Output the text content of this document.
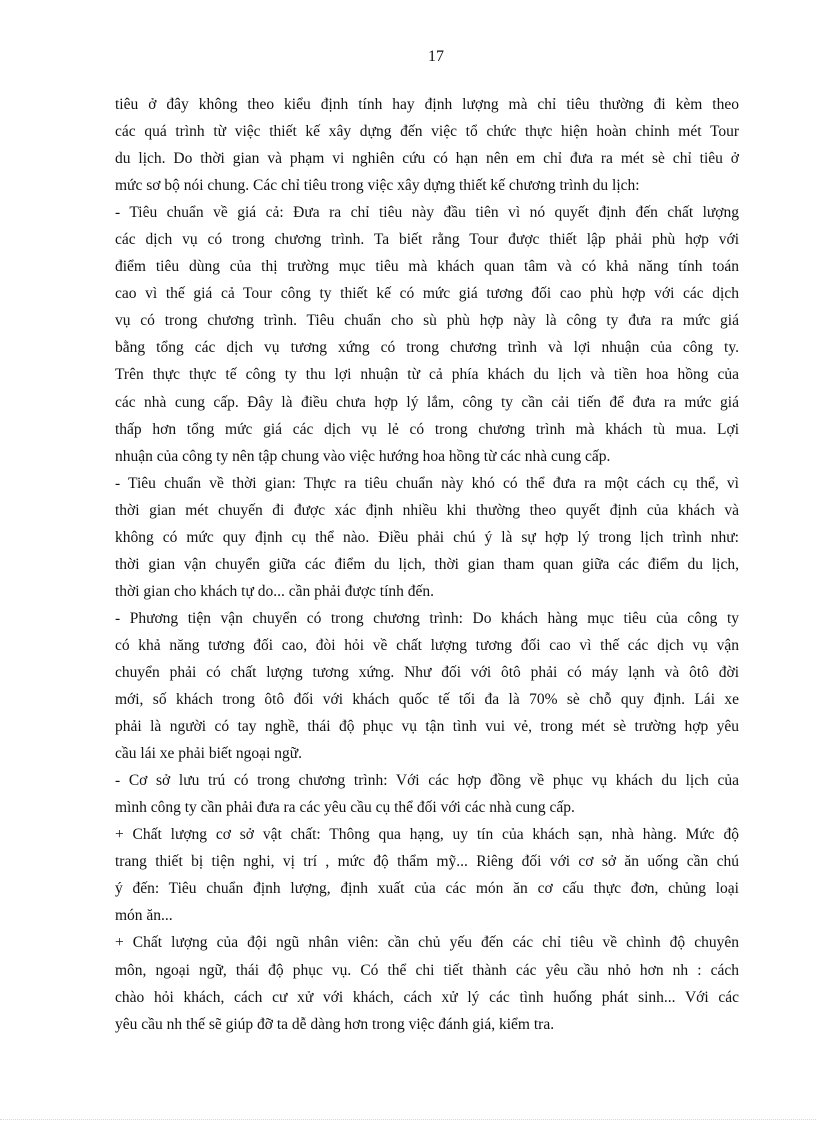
17
tiêu ở đây không theo kiểu định tính hay định lượng mà chỉ tiêu thường đi kèm theo
các quá trình từ việc thiết kế xây dựng đến việc tổ chức thực hiện hoàn chỉnh mét Tour
du lịch. Do thời gian và phạm vi nghiên cứu có hạn nên em chỉ đưa ra mét sè chỉ tiêu ở
mức sơ bộ nói chung. Các chỉ tiêu trong việc xây dựng thiết kế chương trình du lịch:
- Tiêu chuẩn về giá cả: Đưa ra chỉ tiêu này đầu tiên vì nó quyết định đến chất lượng
các dịch vụ có trong chương trình. Ta biết rằng Tour được thiết lập phải phù hợp với
điểm tiêu dùng của thị trường mục tiêu mà khách quan tâm và có khả năng tính toán
cao vì thế giá cả Tour công ty thiết kế có mức giá tương đối cao phù hợp với các dịch
vụ có trong chương trình. Tiêu chuẩn cho sù phù hợp này là công ty đưa ra mức giá
bằng tổng các dịch vụ tương xứng có trong chương trình và lợi nhuận của công ty.
Trên thực thực tế công ty thu lợi nhuận từ cả phía khách du lịch và tiền hoa hồng của
các nhà cung cấp. Đây là điều chưa hợp lý lắm, công ty cần cải tiến để đưa ra mức giá
thấp hơn tổng mức giá các dịch vụ lẻ có trong chương trình mà khách tù mua. Lợi
nhuận của công ty nên tập chung vào việc hướng hoa hồng từ các nhà cung cấp.
- Tiêu chuẩn về thời gian: Thực ra tiêu chuẩn này khó có thể đưa ra một cách cụ thể, vì
thời gian mét chuyến đi được xác định nhiều khi thường theo quyết định của khách và
không có mức quy định cụ thể nào. Điều phải chú ý là sự hợp lý trong lịch trình như:
thời gian vận chuyển giữa các điểm du lịch, thời gian tham quan giữa các điểm du lịch,
thời gian cho khách tự do... cần phải được tính đến.
- Phương tiện vận chuyển có trong chương trình: Do khách hàng mục tiêu của công ty
có khả năng tương đối cao, đòi hỏi về chất lượng tương đối cao vì thế các dịch vụ vận
chuyển phải có chất lượng tương xứng. Như đối với ôtô phải có máy lạnh và ôtô đời
mới, số khách trong ôtô đối với khách quốc tế tối đa là 70% sè chỗ quy định. Lái xe
phải là người có tay nghề, thái độ phục vụ tận tình vui vẻ, trong mét sè trường hợp yêu
cầu lái xe phải biết ngoại ngữ.
- Cơ sở lưu trú có trong chương trình: Với các hợp đồng về phục vụ khách du lịch của
mình công ty cần phải đưa ra các yêu cầu cụ thể đối với các nhà cung cấp.
+ Chất lượng cơ sở vật chất: Thông qua hạng, uy tín của khách sạn, nhà hàng. Mức độ
trang thiết bị tiện nghi, vị trí , mức độ thẩm mỹ... Riêng đối với cơ sở ăn uống cần chú
ý đến: Tiêu chuẩn định lượng, định xuất của các món ăn cơ cấu thực đơn, chủng loại
món ăn...
+ Chất lượng của đội ngũ nhân viên: cần chủ yếu đến các chỉ tiêu về chình độ chuyên
môn, ngoại ngữ, thái độ phục vụ. Có thể chi tiết thành các yêu cầu nhỏ hơn nh : cách
chào hỏi khách, cách cư xử với khách, cách xử lý các tình huống phát sinh... Với các
yêu cầu nh thế sẽ giúp đỡ ta dễ dàng hơn trong việc đánh giá, kiểm tra.
